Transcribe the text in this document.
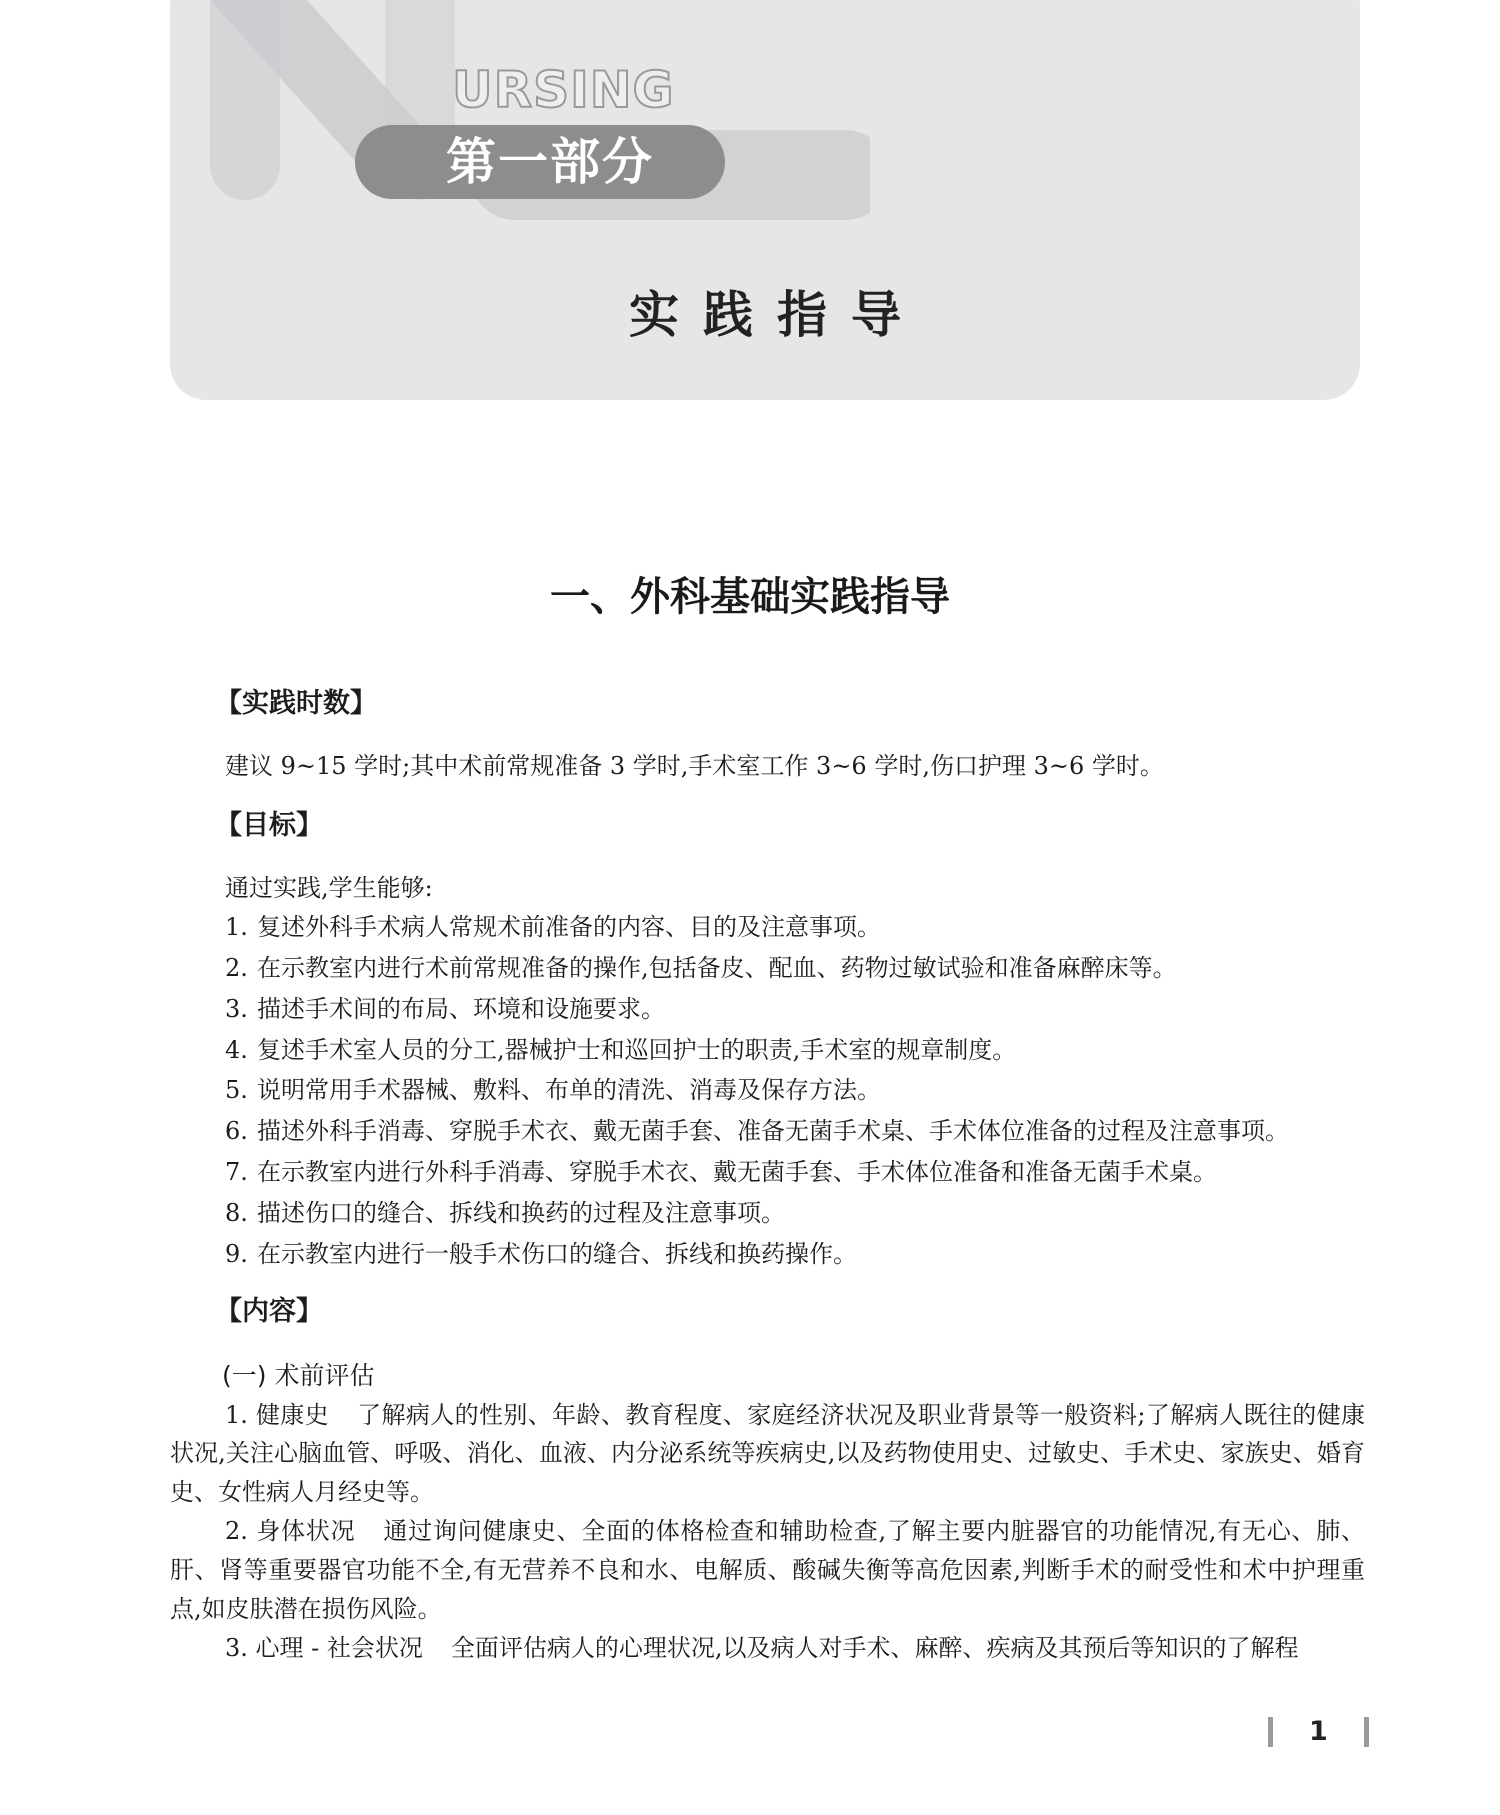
URSING
第一部分
实践指导
一、外科基础实践指导
【实践时数】
建议 9~15 学时;其中术前常规准备 3 学时,手术室工作 3~6 学时,伤口护理 3~6 学时。
【目标】
通过实践,学生能够:
1. 复述外科手术病人常规术前准备的内容、目的及注意事项。
2. 在示教室内进行术前常规准备的操作,包括备皮、配血、药物过敏试验和准备麻醉床等。
3. 描述手术间的布局、环境和设施要求。
4. 复述手术室人员的分工,器械护士和巡回护士的职责,手术室的规章制度。
5. 说明常用手术器械、敷料、布单的清洗、消毒及保存方法。
6. 描述外科手消毒、穿脱手术衣、戴无菌手套、准备无菌手术桌、手术体位准备的过程及注意事项。
7. 在示教室内进行外科手消毒、穿脱手术衣、戴无菌手套、手术体位准备和准备无菌手术桌。
8. 描述伤口的缝合、拆线和换药的过程及注意事项。
9. 在示教室内进行一般手术伤口的缝合、拆线和换药操作。
【内容】
(一) 术前评估

1. 健康史 了解病人的性别、年龄、教育程度、家庭经济状况及职业背景等一般资料;了解病人既往的健康状况,关注心脑血管、呼吸、消化、血液、内分泌系统等疾病史,以及药物使用史、过敏史、手术史、家族史、婚育史、女性病人月经史等。

2. 身体状况 通过询问健康史、全面的体格检查和辅助检查,了解主要内脏器官的功能情况,有无心、肺、肝、肾等重要器官功能不全,有无营养不良和水、电解质、酸碱失衡等高危因素,判断手术的耐受性和术中护理重点,如皮肤潜在损伤风险。

3. 心理 - 社会状况 全面评估病人的心理状况,以及病人对手术、麻醉、疾病及其预后等知识的了解程

1
